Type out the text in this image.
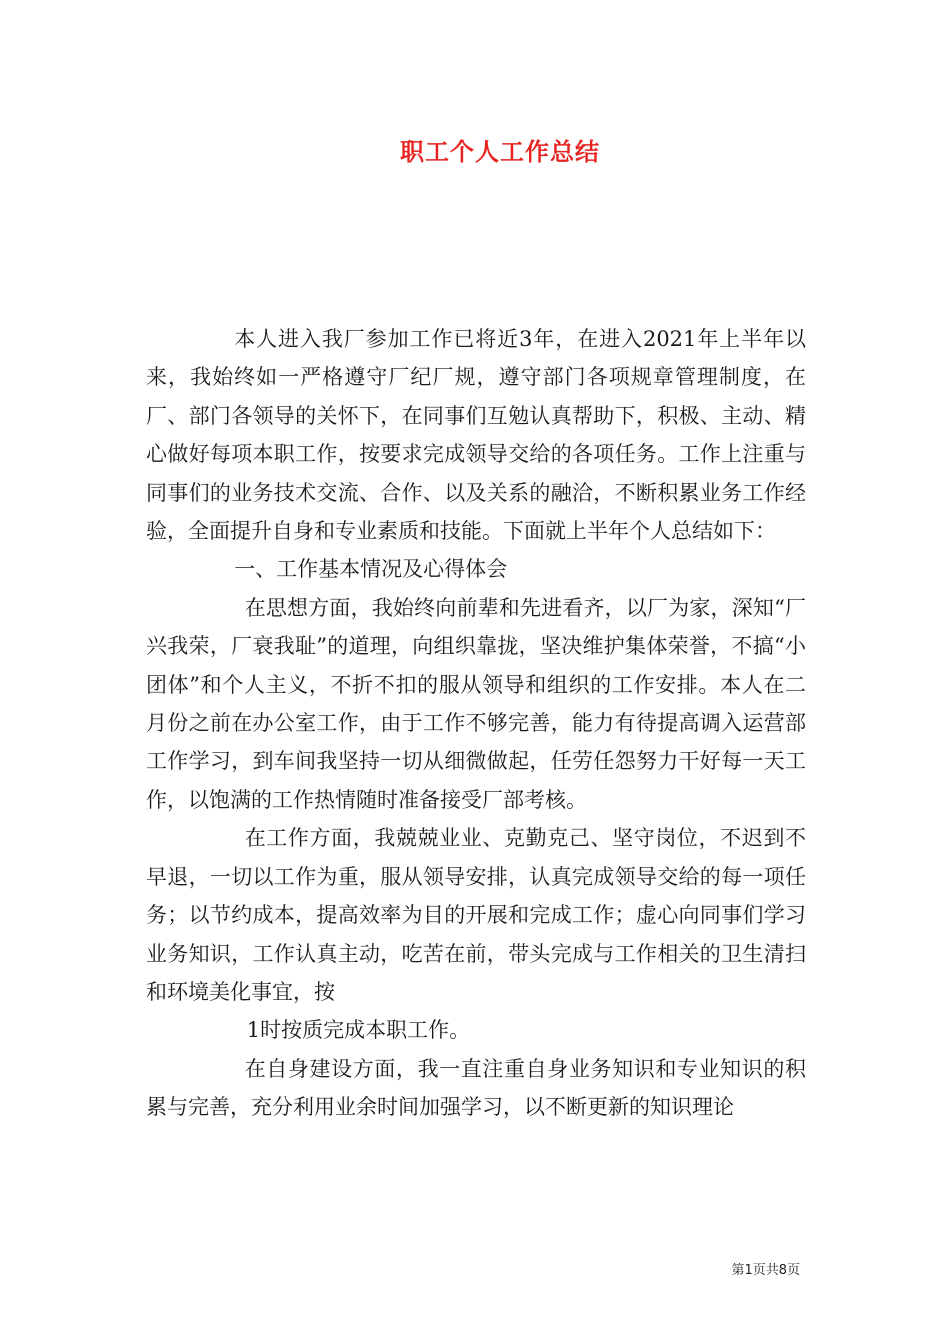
职工个人工作总结

本人进入我厂参加工作已将近3年，在进入2021年上半年以来，我始终如一严格遵守厂纪厂规，遵守部门各项规章管理制度，在厂、部门各领导的关怀下，在同事们互勉认真帮助下，积极、主动、精心做好每项本职工作，按要求完成领导交给的各项任务。工作上注重与同事们的业务技术交流、合作、以及关系的融洽，不断积累业务工作经验，全面提升自身和专业素质和技能。下面就上半年个人总结如下：

一、工作基本情况及心得体会

在思想方面，我始终向前辈和先进看齐，以厂为家，深知“厂兴我荣，厂衰我耻”的道理，向组织靠拢，坚决维护集体荣誉，不搞“小团体”和个人主义，不折不扣的服从领导和组织的工作安排。本人在二月份之前在办公室工作，由于工作不够完善，能力有待提高调入运营部工作学习，到车间我坚持一切从细微做起，任劳任怨努力干好每一天工作，以饱满的工作热情随时准备接受厂部考核。

在工作方面，我兢兢业业、克勤克己、坚守岗位，不迟到不早退，一切以工作为重，服从领导安排，认真完成领导交给的每一项任务；以节约成本，提高效率为目的开展和完成工作；虚心向同事们学习业务知识，工作认真主动，吃苦在前，带头完成与工作相关的卫生清扫和环境美化事宜，按

1时按质完成本职工作。

在自身建设方面，我一直注重自身业务知识和专业知识的积累与完善，充分利用业余时间加强学习，以不断更新的知识理论

第1页共8页
